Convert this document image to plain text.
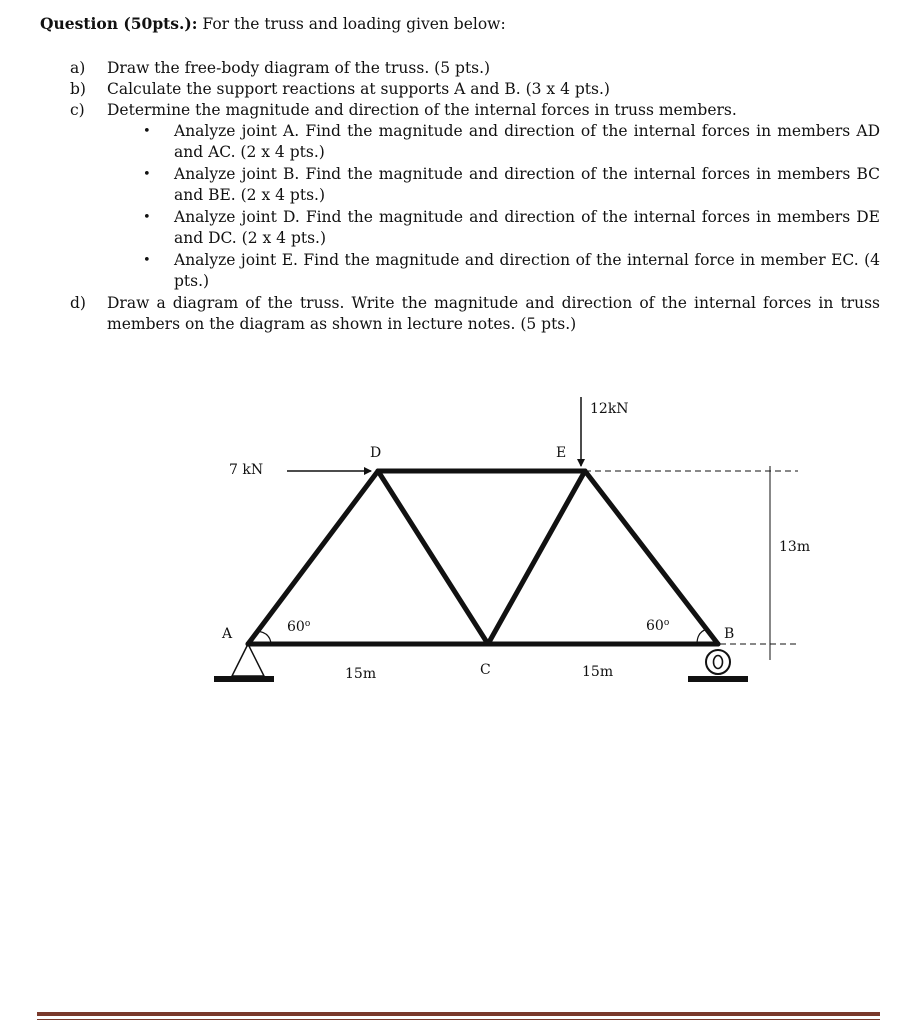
Question (50pts.): For the truss and loading given below:
a)	Draw the free-body diagram of the truss. (5 pts.)
b)	Calculate the support reactions at supports A and B. (3 x 4 pts.)
c)	Determine the magnitude and direction of the internal forces in truss members.
•	Analyze joint A. Find the magnitude and direction of the internal forces in members AD and AC. (2 x 4 pts.)
•	Analyze joint B. Find the magnitude and direction of the internal forces in members BC and BE. (2 x 4 pts.)
•	Analyze joint D. Find the magnitude and direction of the internal forces in members DE and DC. (2 x 4 pts.)
•	Analyze joint E. Find the magnitude and direction of the internal force in member EC. (4 pts.)
d)	Draw a diagram of the truss. Write the magnitude and direction of the internal forces in truss members on the diagram as shown in lecture notes. (5 pts.)
7 kN
12kN
D	E
A	B
C
60$^o$	60$^o$
15m	15m
13m
